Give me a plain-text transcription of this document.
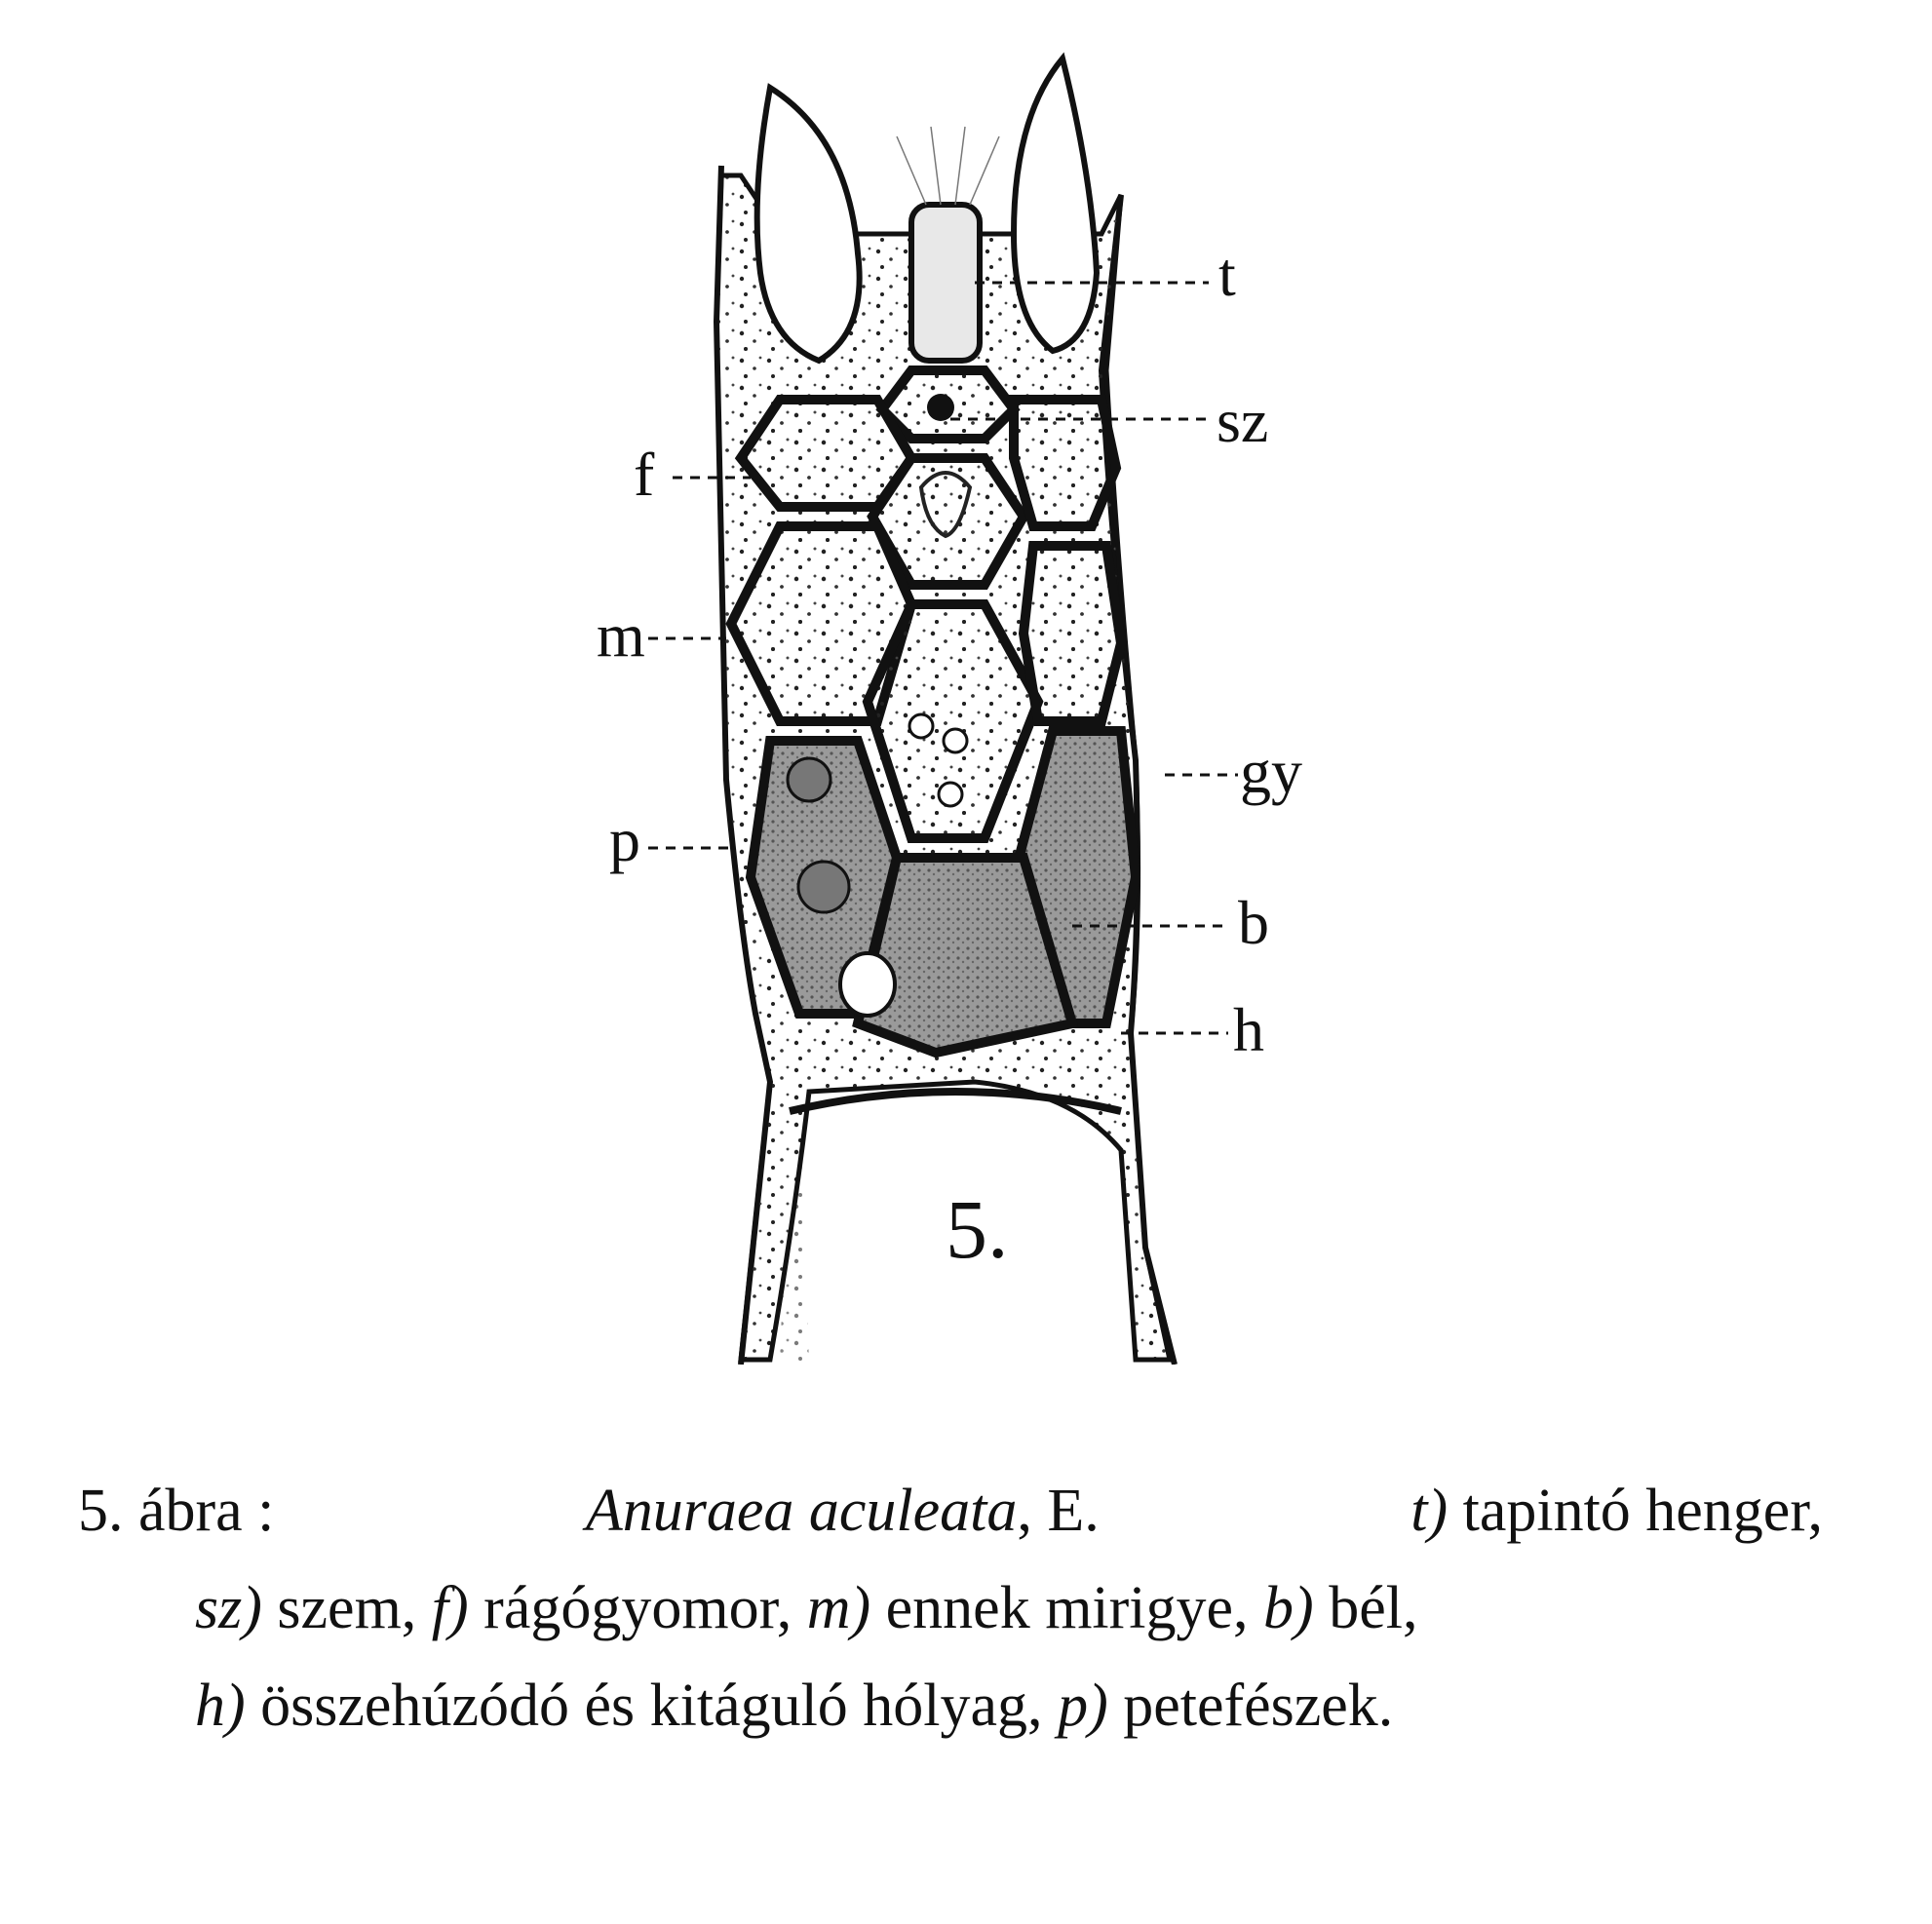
5.
t
sz
f
m
gy
p
b
h
5. ábra :	Anuraea aculeata, E.	t) tapintó henger,
sz) szem, f) rágógyomor, m) ennek mirigye, b) bél,
h) összehúzódó és kitáguló hólyag, p) petefészek.
